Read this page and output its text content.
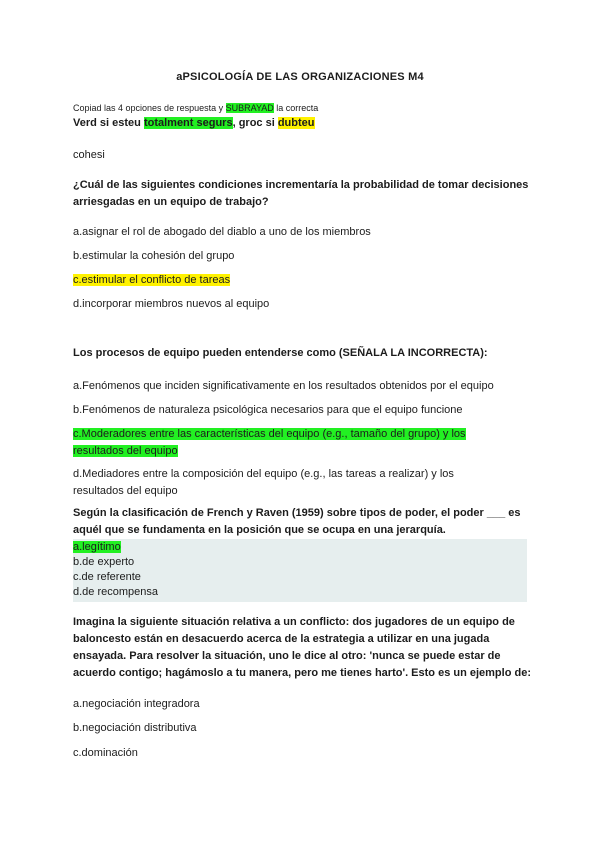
aPSICOLOGÍA DE LAS ORGANIZACIONES M4
Copiad las 4 opciones de respuesta y SUBRAYAD la correcta
Verd si esteu totalment segurs, groc si dubteu
cohesi
¿Cuál de las siguientes condiciones incrementaría la probabilidad de tomar decisiones arriesgadas en un equipo de trabajo?
a.asignar el rol de abogado del diablo a uno de los miembros
b.estimular la cohesión del grupo
c.estimular el conflicto de tareas
d.incorporar miembros nuevos al equipo
Los procesos de equipo pueden entenderse como (SEÑALA LA INCORRECTA):
a.Fenómenos que inciden significativamente en los resultados obtenidos por el equipo
b.Fenómenos de naturaleza psicológica necesarios para que el equipo funcione
c.Moderadores entre las características del equipo (e.g., tamaño del grupo) y los resultados del equipo
d.Mediadores entre la composición del equipo (e.g., las tareas a realizar) y los resultados del equipo
Según la clasificación de French y Raven (1959) sobre tipos de poder, el poder ___ es aquél que se fundamenta en la posición que se ocupa en una jerarquía.
a.legítimo
b.de experto
c.de referente
d.de recompensa
Imagina la siguiente situación relativa a un conflicto: dos jugadores de un equipo de baloncesto están en desacuerdo acerca de la estrategia a utilizar en una jugada ensayada. Para resolver la situación, uno le dice al otro: 'nunca se puede estar de acuerdo contigo; hagámoslo a tu manera, pero me tienes harto'. Esto es un ejemplo de:
a.negociación integradora
b.negociación distributiva
c.dominación
